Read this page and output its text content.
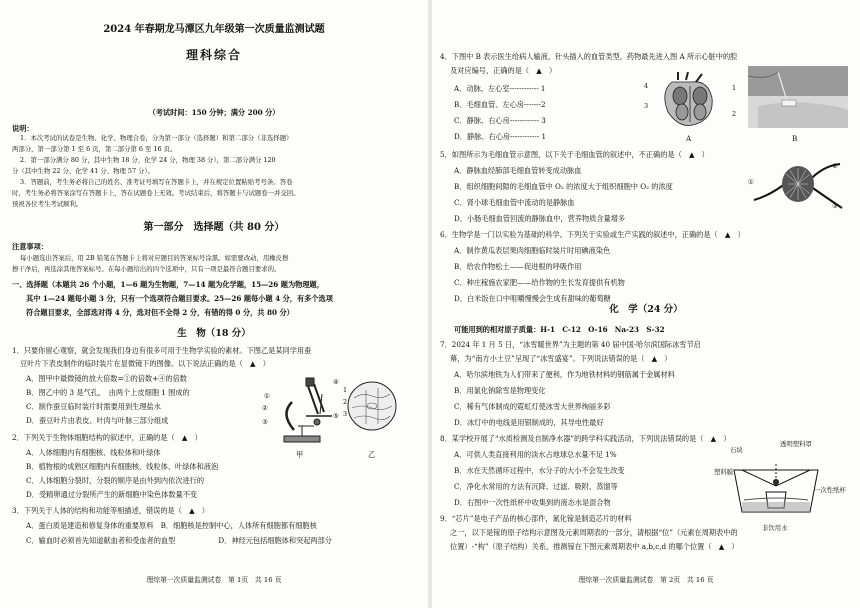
2024 年春期龙马潭区九年级第一次质量监测试题
理科综合
（考试时间：150 分钟；满分 200 分）
说明：
1．本次考试的试卷是生物、化学、物理合卷，分为第一部分（选择题）和第二部分（非选择题）
两部分，第一部分第 1 至 6 页，第二部分第 6 至 16 页。
2．第一部分满分 80 分，其中生物 18 分，化学 24 分，物理 38 分），第二部分满分 120
分（其中生物 22 分、化学 41 分、物理 57 分）。
3．答题前，考生务必将自己的姓名、准考证号填写在答题卡上，并在规定位置粘贴考号条。答卷
时，考生务必将答案涂写在答题卡上，答在试题卷上无效。考试结束后，将答题卡与试题卷一并交回。
预祝各位考生考试顺利。
第一部分　选择题（共 80 分）
注意事项：
每小题选出答案后，用 2B 铅笔在答题卡上将对应题目的答案标号涂黑。如需要改动，用橡皮擦
擦干净后，再选涂其他答案标号。在每小题给出的四个选项中，只有一项是最符合题目要求的。
一、选择题（本题共 26 个小题，1—6 题为生物题，7—14 题为化学题，15—26 题为物理题，
其中 1—24 题每小题 3 分，只有一个选项符合题目要求。25—26 题每小题 4 分，有多个选项
符合题目要求，全部选对得 4 分，选对但不全得 2 分，有错的得 0 分，共 80 分）
生　物（18 分）
1．只要你留心观察，就会发现我们身边有很多可用于生物学实验的素材。下图乙是某同学用蚕
豆叶片下表皮制作的临时装片在显微镜下的图像。以下说法正确的是（　▲　）
A．图甲中最微镜的放大倍数=①的倍数+④的倍数
B．图乙中的 3 是气孔，　由两个上皮细胞 1 围成的
C．制作蚕豆临时装片时需要用到生理盐水
D．蚕豆叶片由表皮、叶肉与叶脉三部分组成
①
②
③
④
⑤
1
2
3
甲	乙
2．下列关于生物体细胞结构的叙述中，正确的是（　▲　）
A．人体细胞内有细胞核、线粒体和叶绿体
B．植物根的成熟区细胞内有细胞核、线粒体、叶绿体和液泡
C．人体细胞分裂时，分裂的顺序是由外到内依次进行的
D．受精卵通过分裂所产生的新细胞中染色体数量不变
3．下列关于人体的结构和功能等相描述，错误的是（　▲　）
A．蛋白质是建造和修复身体的重要原料　B．细胞核是控制中心，人体所有细胞都有细胞核
C．输血时必须首先知道献血者和受血者的血型　　　　　　D．神经元包括细胞体和突起两部分
理综第一次质量监测试卷　第 1页　共 16 页
4．下图中 B 表示医生给病人输液，针头插入的血管类型，药物最先进入图 A 所示心脏中的腔
及对应编号，正确的是（　▲　）
A．动脉、左心室------------ 1
B．毛细血管、左心房-------2
C．静脉、右心房------------ 3
D．静脉、右心房------------ 1
4
3
1
2
A	B
5．如图所示为毛细血管示意图，以下关于毛细血管的叙述中，不正确的是（　▲　）
A．静脉血经肺部毛细血管转变成动脉血
B．组织细胞间隙的毛细血管中 O₂ 的浓度大于组织细胞中 O₂ 的浓度
C．肾小球毛细血管中流动的是静脉血
D．小肠毛细血管回流的静脉血中，营养物质含量增多
①
②
③
6．生物学是一门以实验为基础的科学。下列关于实验或生产实践的叙述中，正确的是（　▲　）
A．制作黄瓜表层果肉细胞临时装片时用碘液染色
B．给农作物松土——促进根的呼吸作用
C．种庄稼施农家肥——给作物的生长发育提供有机物
D．白米饭在口中咀嚼慢慢会生成有甜味的葡萄糖
化　学（24 分）
可能用到的相对原子质量：H-1　C-12　O-16　Na-23　S-32
7．2024 年 1 月 5 日，“冰雪暖世界”为主题的第 40 届中国·哈尔滨国际冰雪节启
幕，为“南方小土豆”呈现了“冰雪盛宴”。下列说法错误的是（　▲　）
A．哈尔滨地铁为人们带来了便利，作为地铁材料的钢筋属于金属材料
B．用氯化钠除雪是物理变化
C．稀有气体制成的霓虹灯使冰雪大世界绚丽多彩
D．冰灯中的电线是用银制成的，其导电性最好
8．某学校开展了“水质检测及自制净水器”的跨学科实践活动，下列说法错误的是（　▲　）
A．可供人类直接利用的淡水占地球总水量不足 1%
B．水在天然循环过程中，水分子的大小不会发生改变
C．净化水常用的方法有沉降、过滤、吸附、蒸馏等
D．右图中一次性纸杯中收集到的液态水是混合物
石块
透明塑料罩
塑料膜
一次性纸杯
非饮用水
9．“芯片”是电子产品的核心部件，氮化镓是制造芯片的材料
之一，以下是镓的原子结构示意图及元素周期表的一部分，请根据“位”（元素在周期表中的
位置）-“构”（原子结构）关系，推测镓在下图元素周期表中 a,b,c,d 的哪个位置（　▲　）
理综第一次质量监测试卷　第 2页　共 16 页
